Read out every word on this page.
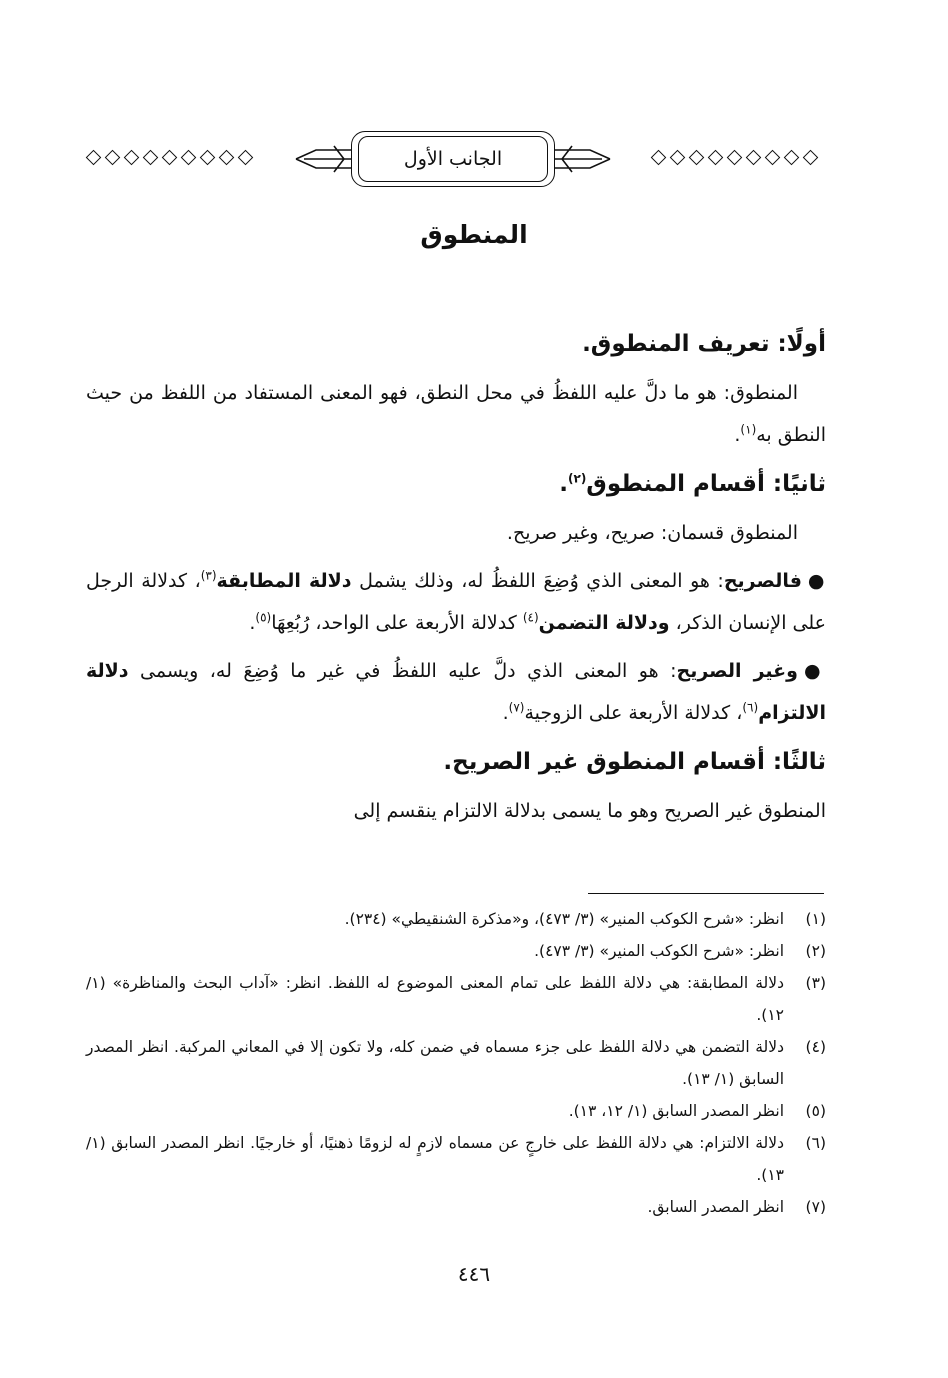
الجانب الأول
المنطوق
أولًا: تعريف المنطوق.

المنطوق: هو ما دلَّ عليه اللفظُ في محل النطق، فهو المعنى المستفاد من اللفظ من حيث النطق به$^{(١)}$.

ثانيًا: أقسام المنطوق$^{(٢)}$.

المنطوق قسمان: صريح، وغير صريح.

●فالصريح: هو المعنى الذي وُضِعَ اللفظُ له، وذلك يشمل دلالة المطابقة$^{(٣)}$، كدلالة الرجل على الإنسان الذكر، ودلالة التضمن$^{(٤)}$ كدلالة الأربعة على الواحد، رُبُعِهَا$^{(٥)}$.

●وغير الصريح: هو المعنى الذي دلَّ عليه اللفظُ في غير ما وُضِعَ له، ويسمى دلالة الالتزام$^{(٦)}$، كدلالة الأربعة على الزوجية$^{(٧)}$.

ثالثًا: أقسام المنطوق غير الصريح.

المنطوق غير الصريح وهو ما يسمى بدلالة الالتزام ينقسم إلى

(١)
انظر: «شرح الكوكب المنير» (٣/ ٤٧٣)، و«مذكرة الشنقيطي» (٢٣٤).
(٢)
انظر: «شرح الكوكب المنير» (٣/ ٤٧٣).
(٣)
دلالة المطابقة: هي دلالة اللفظ على تمام المعنى الموضوع له اللفظ. انظر: «آداب البحث والمناظرة» (١/ ١٢).
(٤)
دلالة التضمن هي دلالة اللفظ على جزء مسماه في ضمن كله، ولا تكون إلا في المعاني المركبة. انظر المصدر السابق (١/ ١٣).
(٥)
انظر المصدر السابق (١/ ١٢، ١٣).
(٦)
دلالة الالتزام: هي دلالة اللفظ على خارجٍ عن مسماه لازمٍ له لزومًا ذهنيًا، أو خارجيًا. انظر المصدر السابق (١/ ١٣).
(٧)
انظر المصدر السابق.
٤٤٦
